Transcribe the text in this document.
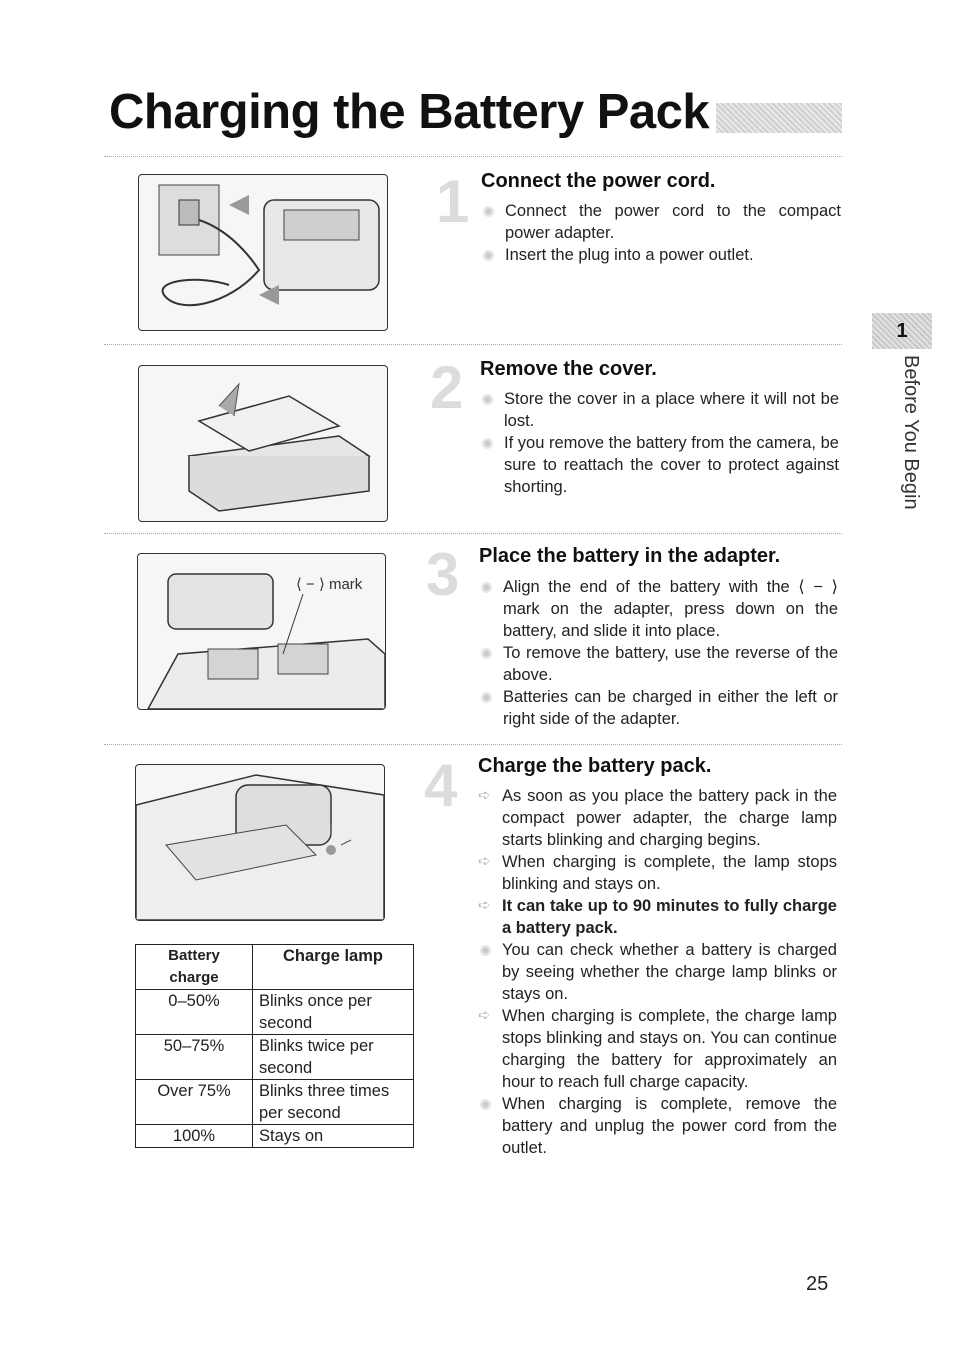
Charging the Battery Pack
1 Connect the power cord.
Connect the power cord to the compact power adapter.
Insert the plug into a power outlet.
2 Remove the cover.
Store the cover in a place where it will not be lost.
If you remove the battery from the camera, be sure to reattach the cover to protect against shorting.
⟨ − ⟩ mark 3 Place the battery in the adapter.
Align the end of the battery with the ⟨ − ⟩ mark on the adapter, press down on the battery, and slide it into place.
To remove the battery, use the reverse of the above.
Batteries can be charged in either the left or right side of the adapter.
4 Charge the battery pack.
➪ As soon as you place the battery pack in the compact power adapter, the charge lamp starts blinking and charging begins.
➪ When charging is complete, the lamp stops blinking and stays on.
➪ It can take up to 90 minutes to fully charge a battery pack.
You can check whether a battery is charged by seeing whether the charge lamp blinks or stays on.
➪ When charging is complete, the charge lamp stops blinking and stays on. You can continue charging the battery for approximately an hour to reach full charge capacity.
When charging is complete, remove the battery and unplug the power cord from the outlet.
Battery charge	Charge lamp
0–50%	Blinks once per second
50–75%	Blinks twice per second
Over 75%	Blinks three times per second
100%	Stays on
1
Before You Begin
25
